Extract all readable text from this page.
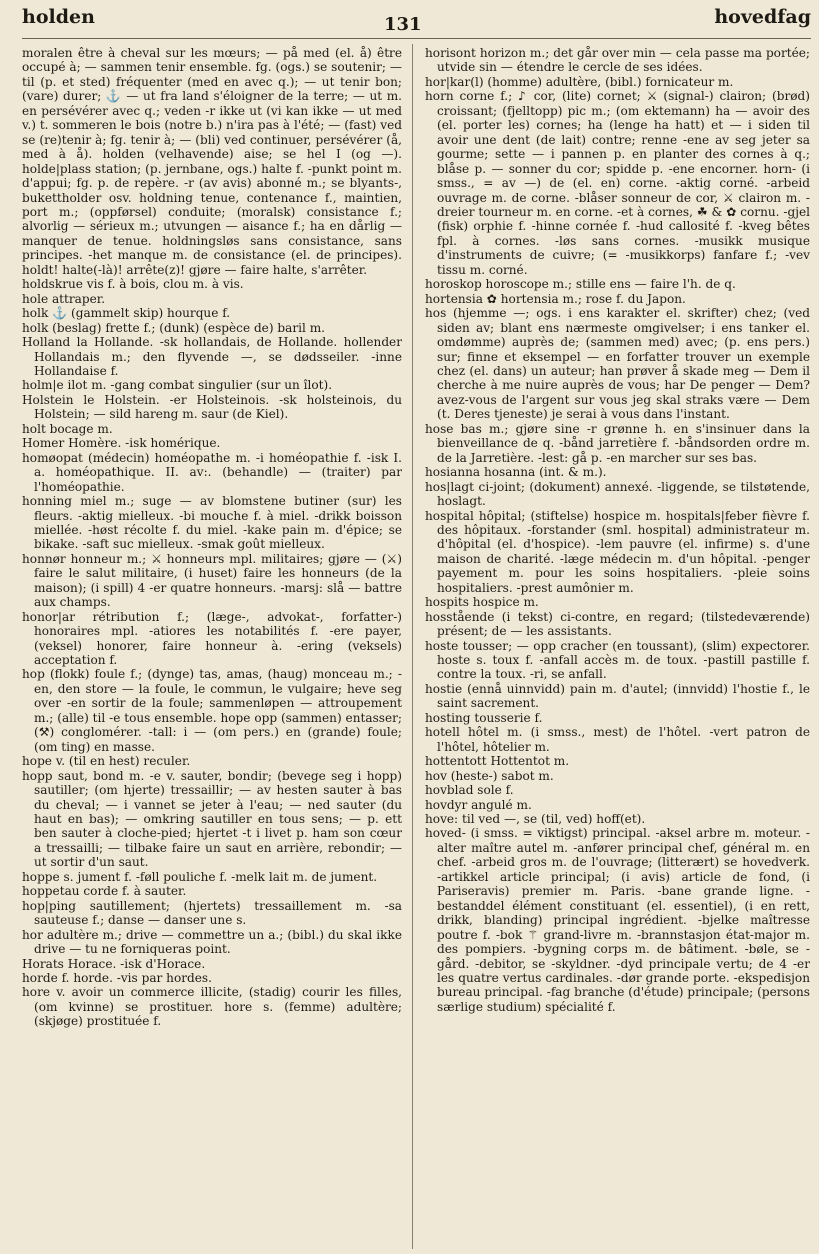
holden	131	hovedfag

moralen être à cheval sur les mœurs; — på med (el. å) être occupé à; — sammen tenir ensemble. fg. (ogs.) se soutenir; — til (p. et sted) fréquenter (med en avec q.); — ut tenir bon; (vare) durer; ⚓ — ut fra land s'éloigner de la terre; — ut m. en persévérer avec q.; veden -r ikke ut (vi kan ikke — ut med v.) t. sommeren le bois (notre b.) n'ira pas à l'été; — (fast) ved se (re)tenir à; fg. tenir à; — (bli) ved continuer, persévérer (å, med à å). holden (velhavende) aise; se hel I (og —). holde|plass station; (p. jernbane, ogs.) halte f. -punkt point m. d'appui; fg. p. de repère. -r (av avis) abonné m.; se blyants-, bukettholder osv. holdning tenue, contenance f., maintien, port m.; (oppførsel) conduite; (moralsk) consistance f.; alvorlig — sérieux m.; utvungen — aisance f.; ha en dårlig — manquer de tenue. holdningsløs sans consistance, sans principes. -het manque m. de consistance (el. de principes). holdt! halte(-là)! arrête(z)! gjøre — faire halte, s'arrêter.

holdskrue vis f. à bois, clou m. à vis.

hole attraper.

holk ⚓ (gammelt skip) hourque f.

holk (beslag) frette f.; (dunk) (espèce de) baril m.

Holland la Hollande. -sk hollandais, de Hollande. hollender Hollandais m.; den flyvende —, se dødsseiler. -inne Hollandaise f.

holm|e ilot m. -gang combat singulier (sur un îlot).

Holstein le Holstein. -er Holsteinois. -sk holsteinois, du Holstein; — sild hareng m. saur (de Kiel).

holt bocage m.

Homer Homère. -isk homérique.

homøopat (médecin) homéopathe m. -i homéopathie f. -isk I. a. homéopathique. II. av:. (behandle) — (traiter) par l'homéopathie.

honning miel m.; suge — av blomstene butiner (sur) les fleurs. -aktig mielleux. -bi mouche f. à miel. -drikk boisson miellée. -høst récolte f. du miel. -kake pain m. d'épice; se bikake. -saft suc mielleux. -smak goût mielleux.

honnør honneur m.; ⚔ honneurs mpl. militaires; gjøre — (⚔) faire le salut militaire, (i huset) faire les honneurs (de la maison); (i spill) 4 -er quatre honneurs. -marsj: slå — battre aux champs.

honor|ar rétribution f.; (læge-, advokat-, forfatter-) honoraires mpl. -atiores les notabilités f. -ere payer, (veksel) honorer, faire honneur à. -ering (veksels) acceptation f.

hop (flokk) foule f.; (dynge) tas, amas, (haug) monceau m.; -en, den store — la foule, le commun, le vulgaire; heve seg over -en sortir de la foule; sammenløpen — attroupement m.; (alle) til -e tous ensemble. hope opp (sammen) entasser; (⚒) conglomérer. -tall: i — (om pers.) en (grande) foule; (om ting) en masse.

hope v. (til en hest) reculer.

hopp saut, bond m. -e v. sauter, bondir; (bevege seg i hopp) sautiller; (om hjerte) tressaillir; — av hesten sauter à bas du cheval; — i vannet se jeter à l'eau; — ned sauter (du haut en bas); — omkring sautiller en tous sens; — p. ett ben sauter à cloche-pied; hjertet -t i livet p. ham son cœur a tressailli; — tilbake faire un saut en arrière, rebondir; — ut sortir d'un saut.

hoppe s. jument f. -føll pouliche f. -melk lait m. de jument.

hoppetau corde f. à sauter.

hop|ping sautillement; (hjertets) tressaillement m. -sa sauteuse f.; danse — danser une s.

hor adultère m.; drive — commettre un a.; (bibl.) du skal ikke drive — tu ne forniqueras point.

Horats Horace. -isk d'Horace.

horde f. horde. -vis par hordes.

hore v. avoir un commerce illicite, (stadig) courir les filles, (om kvinne) se prostituer. hore s. (femme) adultère; (skjøge) prostituée f.

horisont horizon m.; det går over min — cela passe ma portée; utvide sin — étendre le cercle de ses idées.

hor|kar(l) (homme) adultère, (bibl.) fornicateur m.

horn corne f.; ♪ cor, (lite) cornet; ⚔ (signal-) clairon; (brød) croissant; (fjelltopp) pic m.; (om ektemann) ha — avoir des (el. porter les) cornes; ha (lenge ha hatt) et — i siden til avoir une dent (de lait) contre; renne -ene av seg jeter sa gourme; sette — i pannen p. en planter des cornes à q.; blåse p. — sonner du cor; spidde p. -ene encorner. horn- (i smss., = av —) de (el. en) corne. -aktig corné. -arbeid ouvrage m. de corne. -blåser sonneur de cor, ⚔ clairon m. -dreier tourneur m. en corne. -et à cornes, ☘ & ✿ cornu. -gjel (fisk) orphie f. -hinne cornée f. -hud callosité f. -kveg bêtes fpl. à cornes. -løs sans cornes. -musikk musique d'instruments de cuivre; (= -musikkorps) fanfare f.; -vev tissu m. corné.

horoskop horoscope m.; stille ens — faire l'h. de q.

hortensia ✿ hortensia m.; rose f. du Japon.

hos (hjemme —; ogs. i ens karakter el. skrifter) chez; (ved siden av; blant ens nærmeste omgivelser; i ens tanker el. omdømme) auprès de; (sammen med) avec; (p. ens pers.) sur; finne et eksempel — en forfatter trouver un exemple chez (el. dans) un auteur; han prøver å skade meg — Dem il cherche à me nuire auprès de vous; har De penger — Dem? avez-vous de l'argent sur vous jeg skal straks være — Dem (t. Deres tjeneste) je serai à vous dans l'instant.

hose bas m.; gjøre sine -r grønne h. en s'insinuer dans la bienveillance de q. -bånd jarretière f. -båndsorden ordre m. de la Jarretière. -lest: gå p. -en marcher sur ses bas.

hosianna hosanna (int. & m.).

hos|lagt ci-joint; (dokument) annexé. -liggende, se tilstøtende, hoslagt.

hospital hôpital; (stiftelse) hospice m. hospitals|feber fièvre f. des hôpitaux. -forstander (sml. hospital) administrateur m. d'hôpital (el. d'hospice). -lem pauvre (el. infirme) s. d'une maison de charité. -læge médecin m. d'un hôpital. -penger payement m. pour les soins hospitaliers. -pleie soins hospitaliers. -prest aumônier m.

hospits hospice m.

hosstående (i tekst) ci-contre, en regard; (tilstedeværende) présent; de — les assistants.

hoste tousser; — opp cracher (en toussant), (slim) expectorer. hoste s. toux f. -anfall accès m. de toux. -pastill pastille f. contre la toux. -ri, se anfall.

hostie (ennå uinnvidd) pain m. d'autel; (innvidd) l'hostie f., le saint sacrement.

hosting tousserie f.

hotell hôtel m. (i smss., mest) de l'hôtel. -vert patron de l'hôtel, hôtelier m.

hottentott Hottentot m.

hov (heste-) sabot m.

hovblad sole f.

hovdyr angulé m.

hove: til ved —, se (til, ved) hoff(et).

hoved- (i smss. = viktigst) principal. -aksel arbre m. moteur. -alter maître autel m. -anfører principal chef, général m. en chef. -arbeid gros m. de l'ouvrage; (litterært) se hovedverk. -artikkel article principal; (i avis) article de fond, (i Pariseravis) premier m. Paris. -bane grande ligne. -bestanddel élément constituant (el. essentiel), (i en rett, drikk, blanding) principal ingrédient. -bjelke maîtresse poutre f. -bok ⚚ grand-livre m. -brannstasjon état-major m. des pompiers. -bygning corps m. de bâtiment. -bøle, se -gård. -debitor, se -skyldner. -dyd principale vertu; de 4 -er les quatre vertus cardinales. -dør grande porte. -ekspedisjon bureau principal. -fag branche (d'étude) principale; (persons særlige studium) spécialité f.
